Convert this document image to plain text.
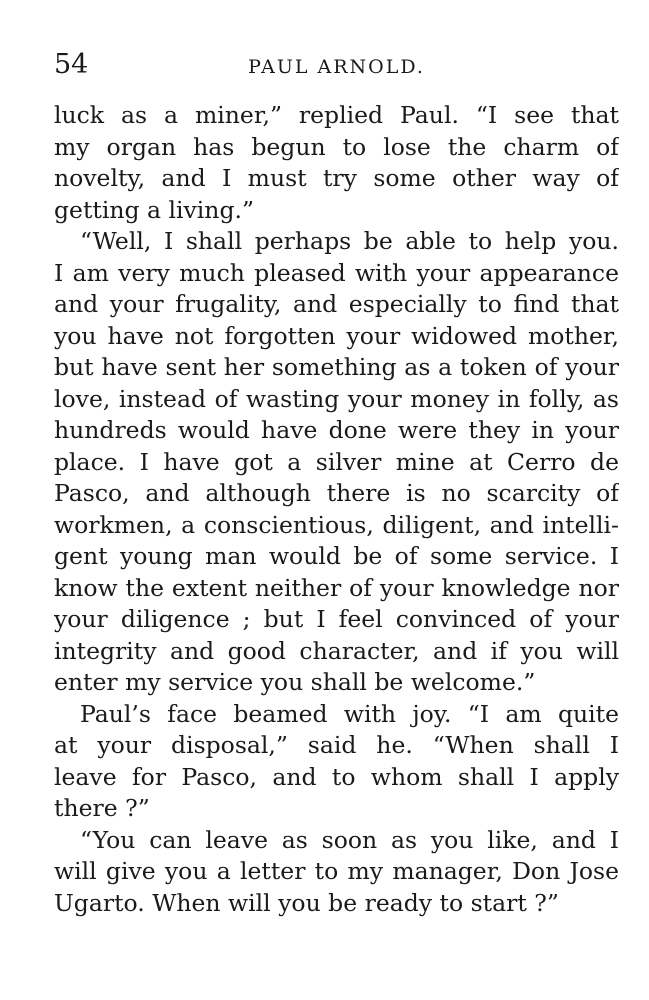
54	PAUL ARNOLD.
luck as a miner,” replied Paul. “I see that
my organ has begun to lose the charm of
novelty, and I must try some other way of
getting a living.”
“Well, I shall perhaps be able to help you.
I am very much pleased with your appearance
and your frugality, and especially to find that
you have not forgotten your widowed mother,
but have sent her something as a token of your
love, instead of wasting your money in folly, as
hundreds would have done were they in your
place. I have got a silver mine at Cerro de
Pasco, and although there is no scarcity of
workmen, a conscientious, diligent, and intelli-
gent young man would be of some service. I
know the extent neither of your knowledge nor
your diligence ; but I feel convinced of your
integrity and good character, and if you will
enter my service you shall be welcome.”
Paul’s face beamed with joy. “I am quite
at your disposal,” said he. “When shall I
leave for Pasco, and to whom shall I apply
there ?”
“You can leave as soon as you like, and I
will give you a letter to my manager, Don Jose
Ugarto. When will you be ready to start ?”
